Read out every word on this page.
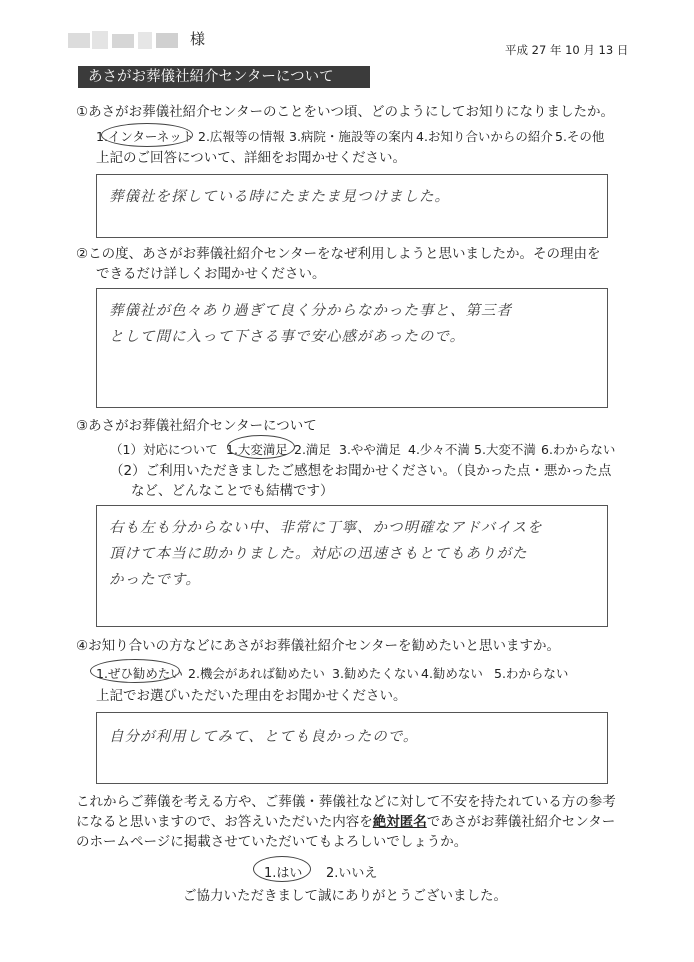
様
平成 27 年 10 月 13 日
あさがお葬儀社紹介センターについて
①あさがお葬儀社紹介センターのことをいつ頃、どのようにしてお知りになりましたか。
1.インターネット 2.広報等の情報 3.病院・施設等の案内 4.お知り合いからの紹介 5.その他
上記のご回答について、詳細をお聞かせください。
葬儀社を探している時にたまたま見つけました。
②この度、あさがお葬儀社紹介センターをなぜ利用しようと思いましたか。その理由を
できるだけ詳しくお聞かせください。
葬儀社が色々あり過ぎて良く分からなかった事と、第三者
として間に入って下さる事で安心感があったので。
③あさがお葬儀社紹介センターについて
（1）対応について 1.大変満足 2.満足 3.やや満足 4.少々不満 5.大変不満 6.わからない
（2）ご利用いただきましたご感想をお聞かせください。（良かった点・悪かった点
など、どんなことでも結構です）
右も左も分からない中、非常に丁寧、かつ明確なアドバイスを
頂けて本当に助かりました。対応の迅速さもとてもありがた
かったです。
④お知り合いの方などにあさがお葬儀社紹介センターを勧めたいと思いますか。
1.ぜひ勧めたい 2.機会があれば勧めたい 3.勧めたくない 4.勧めない 5.わからない
上記でお選びいただいた理由をお聞かせください。
自分が利用してみて、とても良かったので。
これからご葬儀を考える方や、ご葬儀・葬儀社などに対して不安を持たれている方の参考
になると思いますので、お答えいただいた内容を絶対匿名であさがお葬儀社紹介センター
のホームページに掲載させていただいてもよろしいでしょうか。
1.はい 2.いいえ
ご協力いただきまして誠にありがとうございました。
